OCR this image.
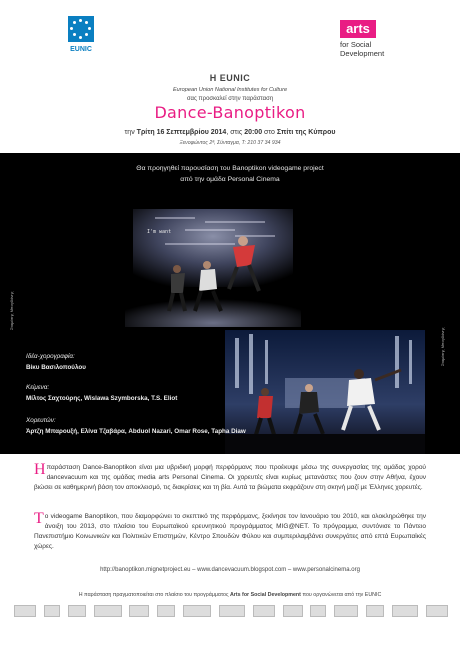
EUNIC
arts
for Social
Development
Η EUNIC
European Union National Institutes for Culture
σας προσκαλεί στην παράσταση
Dance-Banoptikon
την Τρίτη 16 Σεπτεμβρίου 2014, στις 20:00 στο Σπίτι της Κύπρου
Ξενοφώντος 2ª, Σύνταγμα, Τ: 210 37 34 934
Θα προηγηθεί παρουσίαση του Banoptikon videogame project
από την ομάδα Personal Cinema
I'm want
Σταμάτης Μπογδάνης
Σταμάτης Μπογδάνης
Ιδέα-χορογραφία:
Βίκυ Βασιλοπούλου
Κείμενα:
Μίλτος Σαχτούρης, Wislawa Szymborska, T.S. Eliot
Χορευτών:
Άρτζη Μπαρουξή, Ελίνα Τζαβάρα, Abduol Nazari, Omar Rose, Tapha Diaw
Ηπαράσταση Dance-Banoptikon είναι μια υβριδική μορφή περφόρμανς που προέκυψε μέσω της συνεργασίας της ομάδας χορού dancevacuum και της ομάδας media arts Personal Cinema. Οι χορευτές είναι κυρίως μετανάστες που ζουν στην Αθήνα, έχουν βιώσει σε καθημερινή βάση τον αποκλεισμό, τις διακρίσεις και τη βία. Αυτά τα βιώματα εκφράζουν στη σκηνή μαζί με Έλληνες χορευτές.
Το videogame Banoptikon, που διαμορφώνει το σκεπτικό της περφόρμανς, ξεκίνησε τον Ιανουάριο του 2010, και ολοκληρώθηκε την άνοιξη του 2013, στο πλαίσιο του Ευρωπαϊκού ερευνητικού προγράμματος MIG@NET. Το πρόγραμμα, συντόνισε το Πάντειο Πανεπιστήμιο Κοινωνικών και Πολιτικών Επιστημών, Κέντρο Σπουδών Φύλου και συμπεριλαμβάνει συνεργάτες από επτά Ευρωπαϊκές χώρες.
http://banoptikon.mignetproject.eu – www.dancevacuum.blogspot.com – www.personalcinema.org
Η παράσταση πραγματοποιείται στο πλαίσιο του προγράμματος Arts for Social Development που οργανώνεται από την EUNIC
